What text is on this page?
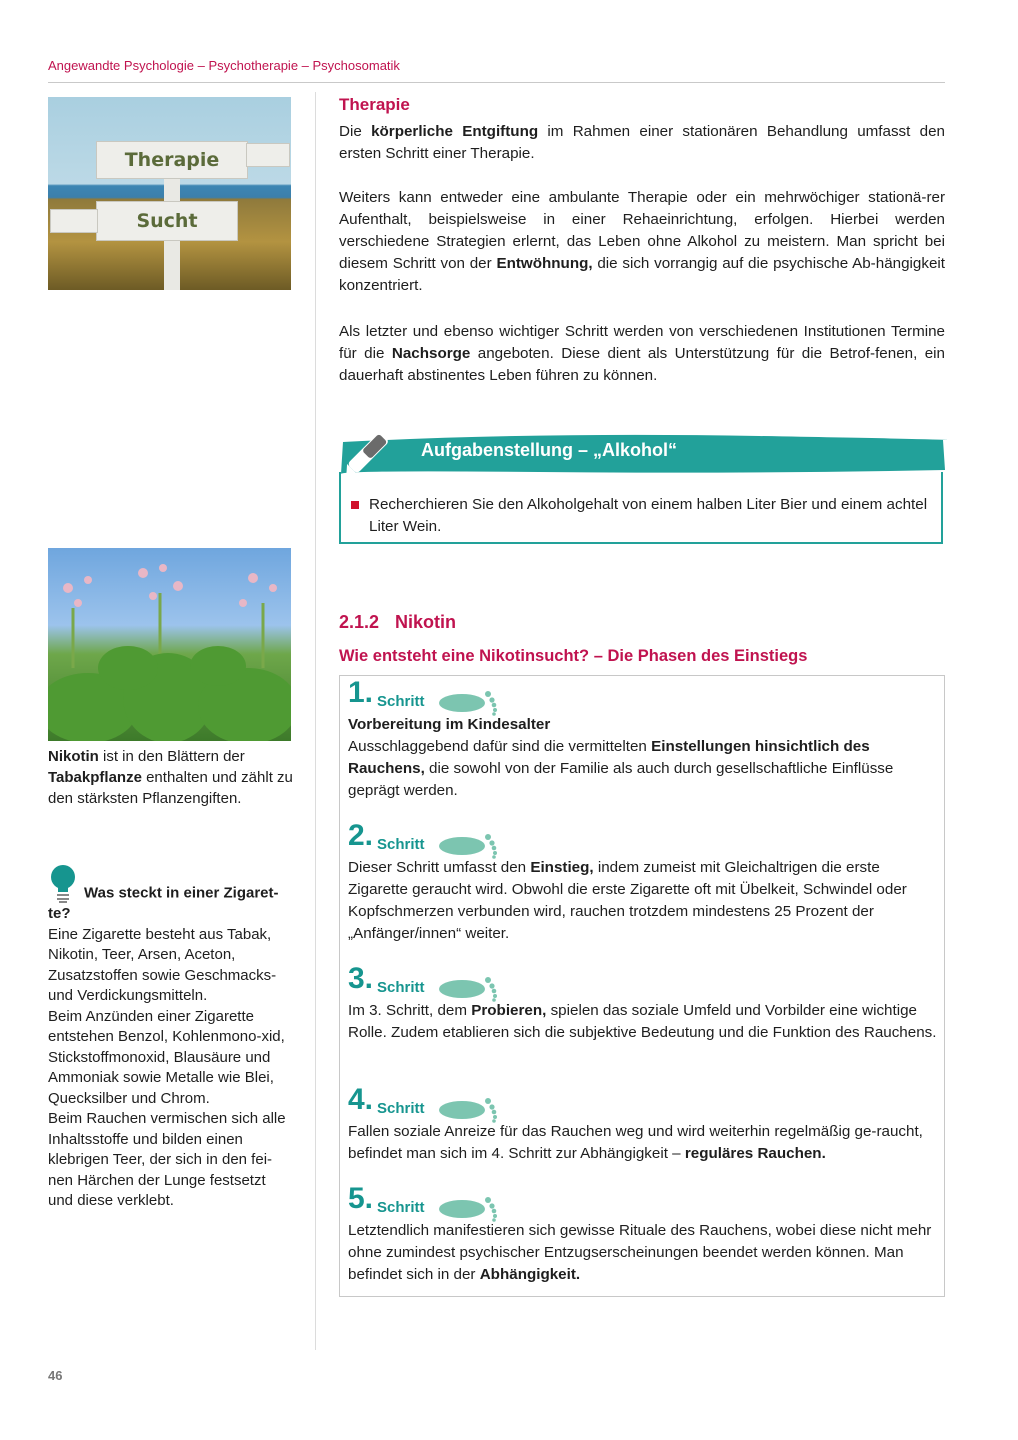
Angewandte Psychologie – Psychotherapie – Psychosomatik
Therapie
Sucht
Nikotin ist in den Blättern der Tabakpflanze enthalten und zählt zu den stärksten Pflanzengiften.
Was steckt in einer Zigaret-te?
Eine Zigarette besteht aus Tabak, Nikotin, Teer, Arsen, Aceton, Zusatzstoffen sowie Geschmacks- und Verdickungsmitteln.
Beim Anzünden einer Zigarette entstehen Benzol, Kohlenmono-xid, Stickstoffmonoxid, Blausäure und Ammoniak sowie Metalle wie Blei, Quecksilber und Chrom.
Beim Rauchen vermischen sich alle Inhaltsstoffe und bilden einen klebrigen Teer, der sich in den fei-nen Härchen der Lunge festsetzt und diese verklebt.
Therapie
Die körperliche Entgiftung im Rahmen einer stationären Behandlung umfasst den ersten Schritt einer Therapie.
Weiters kann entweder eine ambulante Therapie oder ein mehrwöchiger stationä-rer Aufenthalt, beispielsweise in einer Rehaeinrichtung, erfolgen. Hierbei werden verschiedene Strategien erlernt, das Leben ohne Alkohol zu meistern. Man spricht bei diesem Schritt von der Entwöhnung, die sich vorrangig auf die psychische Ab-hängigkeit konzentriert.
Als letzter und ebenso wichtiger Schritt werden von verschiedenen Institutionen Termine für die Nachsorge angeboten. Diese dient als Unterstützung für die Betrof-fenen, ein dauerhaft abstinentes Leben führen zu können.
Aufgabenstellung – „Alkohol“
Recherchieren Sie den Alkoholgehalt von einem halben Liter Bier und einem achtel Liter Wein.
2.1.2 Nikotin
Wie entsteht eine Nikotinsucht? – Die Phasen des Einstiegs
1. Schritt
Vorbereitung im Kindesalter
Ausschlaggebend dafür sind die vermittelten Einstellungen hinsichtlich des Rauchens, die sowohl von der Familie als auch durch gesellschaftliche Einflüsse geprägt werden.
2. Schritt
Dieser Schritt umfasst den Einstieg, indem zumeist mit Gleichaltrigen die erste Zigarette geraucht wird. Obwohl die erste Zigarette oft mit Übelkeit, Schwindel oder Kopfschmerzen verbunden wird, rauchen trotzdem mindestens 25 Prozent der „Anfänger/innen“ weiter.
3. Schritt
Im 3. Schritt, dem Probieren, spielen das soziale Umfeld und Vorbilder eine wichtige Rolle. Zudem etablieren sich die subjektive Bedeutung und die Funktion des Rauchens.
4. Schritt
Fallen soziale Anreize für das Rauchen weg und wird weiterhin regelmäßig ge-raucht, befindet man sich im 4. Schritt zur Abhängigkeit – reguläres Rauchen.
5. Schritt
Letztendlich manifestieren sich gewisse Rituale des Rauchens, wobei diese nicht mehr ohne zumindest psychischer Entzugserscheinungen beendet werden können. Man befindet sich in der Abhängigkeit.
46
